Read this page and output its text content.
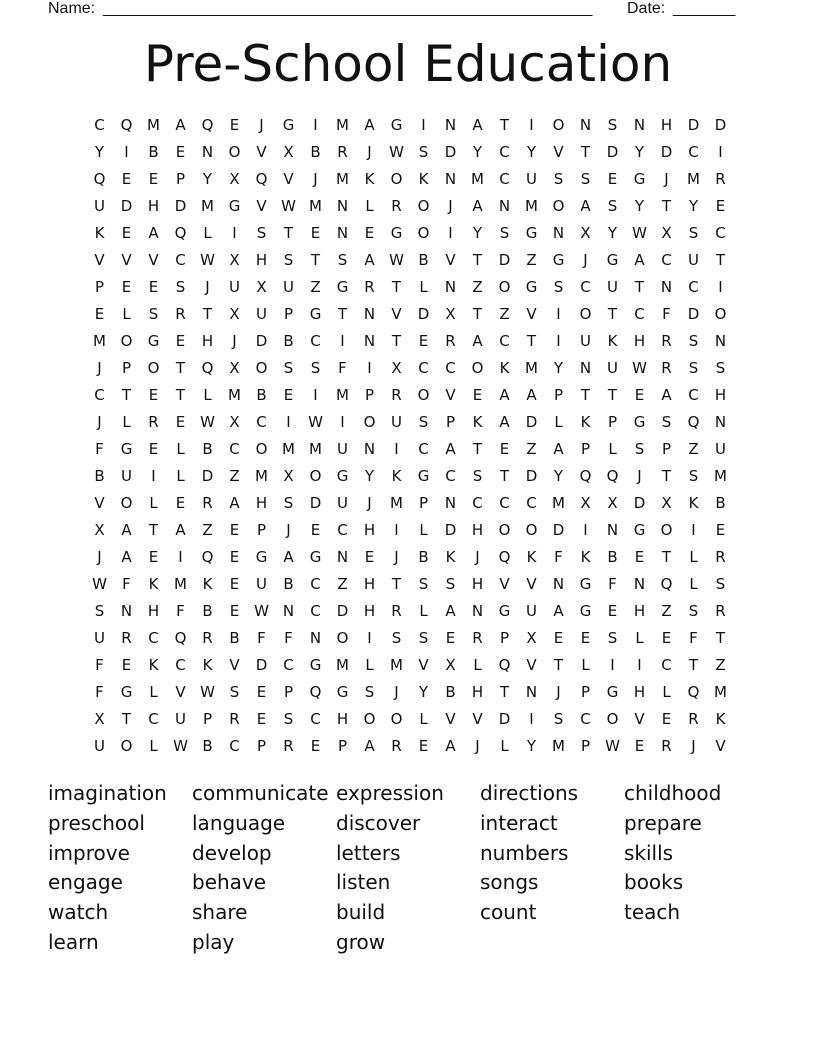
Name: _______________________________________________________ Date: _______
Pre-School Education
C	Q M	A	Q	E	J	G	I	M	A	G	I	N	A	T	I	O	N	S	N	H	D	D
Y	I	B	E	N	O	V	X	B	R	J	W S	D	Y	C	Y	V	T	D	Y	D	C	I
Q	E	E	P	Y	X	Q	V	J	M	K	O	K	N M	C	U	S	S	E	G	J	M	R
U	D	H	D M G	V W M N	L	R	O	J	A	N M O	A	S	Y	T	Y	E
K	E	A	Q	L	I	S	T	E	N	E	G	O	I	Y	S	G	N	X	Y	W X	S	C
V	V	V	C W X	H	S	T	S	A W B	V	T	D	Z	G	J	G	A	C	U	T
P	E	E	S	J	U	X	U	Z	G	R	T	L	N	Z	O	G	S	C	U	T	N	C	I
E	L	S	R	T	X	U	P	G	T	N	V	D	X	T	Z	V	I	O	T	C	F	D	O
M O	G	E	H	J	D	B	C	I	N	T	E	R	A	C	T	I	U	K	H	R	S	N
J	P	O	T	Q	X	O	S	S	F	I	X	C	C	O	K	M	Y	N	U W R	S	S
C	T	E	T	L	M	B	E	I	M	P	R	O	V	E	A	A	P	T	T	E	A	C	H
J	L	R	E W X	C	I	W	I	O	U	S	P	K	A	D	L	K	P	G	S	Q	N
F	G	E	L	B	C	O M M	U	N	I	C	A	T	E	Z	A	P	L	S	P	Z	U
B	U	I	L	D	Z	M	X	O	G	Y	K	G	C	S	T	D	Y	Q	Q	J	T	S	M
V	O	L	E	R	A	H	S	D	U	J	M	P	N	C	C	C	M	X	X	D	X	K	B
X	A	T	A	Z	E	P	J	E	C	H	I	L	D	H	O	O	D	I	N	G	O	I	E
J	A	E	I	Q	E	G	A	G	N	E	J	B	K	J	Q	K	F	K	B	E	T	L	R
W	F	K	M	K	E	U	B	C	Z	H	T	S	S	H	V	V	N	G	F	N	Q	L	S
S	N	H	F	B	E W N	C	D	H	R	L	A	N	G	U	A	G	E	H	Z	S	R
U	R	C	Q	R	B	F	F	N	O	I	S	S	E	R	P	X	E	E	S	L	E	F	T
F	E	K	C	K	V	D	C	G M	L	M	V	X	L	Q	V	T	L	I	I	C	T	Z
F	G	L	V W S	E	P	Q	G	S	J	Y	B	H	T	N	J	P	G	H	L	Q M
X	T	C	U	P	R	E	S	C	H	O	O	L	V	V	D	I	S	C	O	V	E	R	K
U	O	L	W B	C	P	R	E	P	A	R	E	A	J	L	Y	M	P	W E	R	J	V
imagination	communicate expression	directions	childhood
preschool	language	discover	interact	prepare
improve	develop	letters	numbers	skills
engage	behave	listen	songs	books
watch	share	build	count	teach
learn	play	grow
